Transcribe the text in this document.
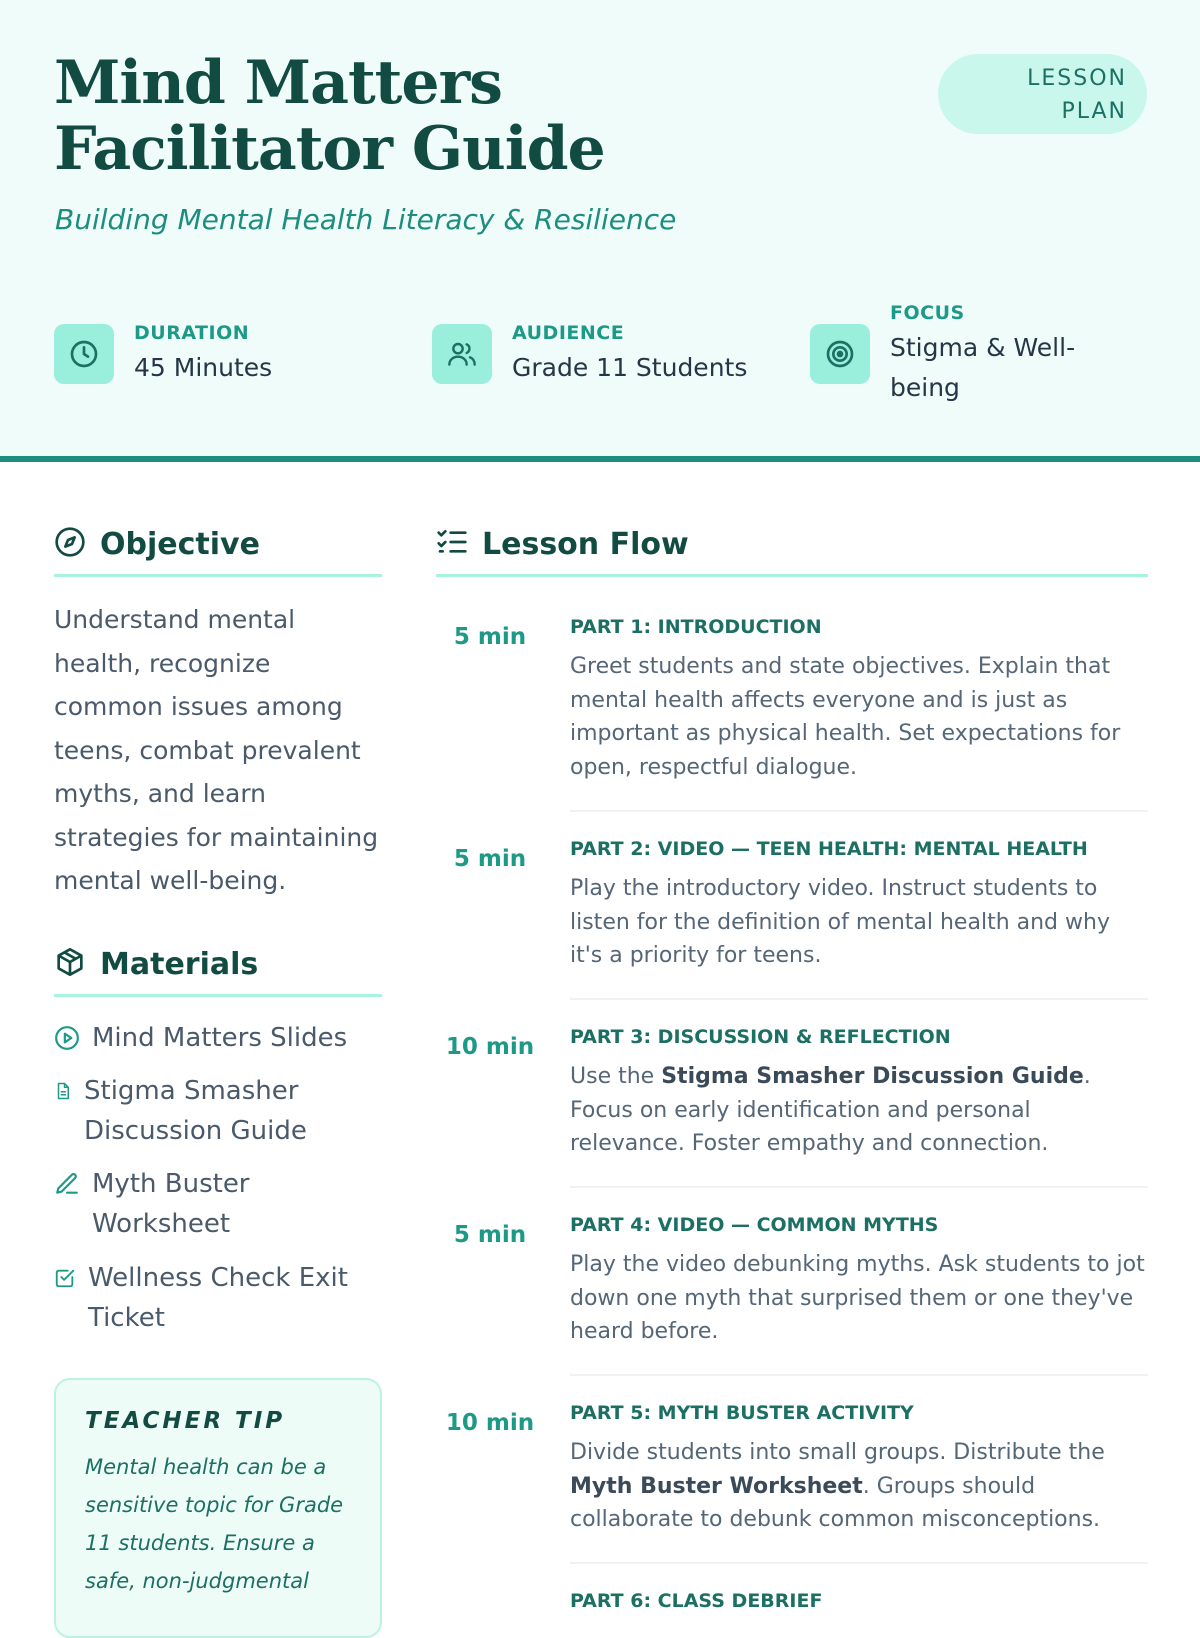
Mind Matters Facilitator Guide
Building Mental Health Literacy & Resilience
LESSON
PLAN
DURATION
45 Minutes
AUDIENCE
Grade 11 Students
FOCUS
Stigma & Well-being
Objective
Understand mental health, recognize common issues among teens, combat prevalent myths, and learn strategies for maintaining mental well-being.
Materials
Mind Matters Slides
Stigma Smasher Discussion Guide
Myth Buster Worksheet
Wellness Check Exit Ticket
TEACHER TIP
Mental health can be a sensitive topic for Grade 11 students. Ensure a safe, non-judgmental
Lesson Flow
5 min	PART 1: INTRODUCTION
Greet students and state objectives. Explain that mental health affects everyone and is just as important as physical health. Set expectations for open, respectful dialogue.
5 min	PART 2: VIDEO — TEEN HEALTH: MENTAL HEALTH
Play the introductory video. Instruct students to listen for the definition of mental health and why it's a priority for teens.
10 min	PART 3: DISCUSSION & REFLECTION
Use the Stigma Smasher Discussion Guide. Focus on early identification and personal relevance. Foster empathy and connection.
5 min	PART 4: VIDEO — COMMON MYTHS
Play the video debunking myths. Ask students to jot down one myth that surprised them or one they've heard before.
10 min	PART 5: MYTH BUSTER ACTIVITY
Divide students into small groups. Distribute the Myth Buster Worksheet. Groups should collaborate to debunk common misconceptions.
PART 6: CLASS DEBRIEF
